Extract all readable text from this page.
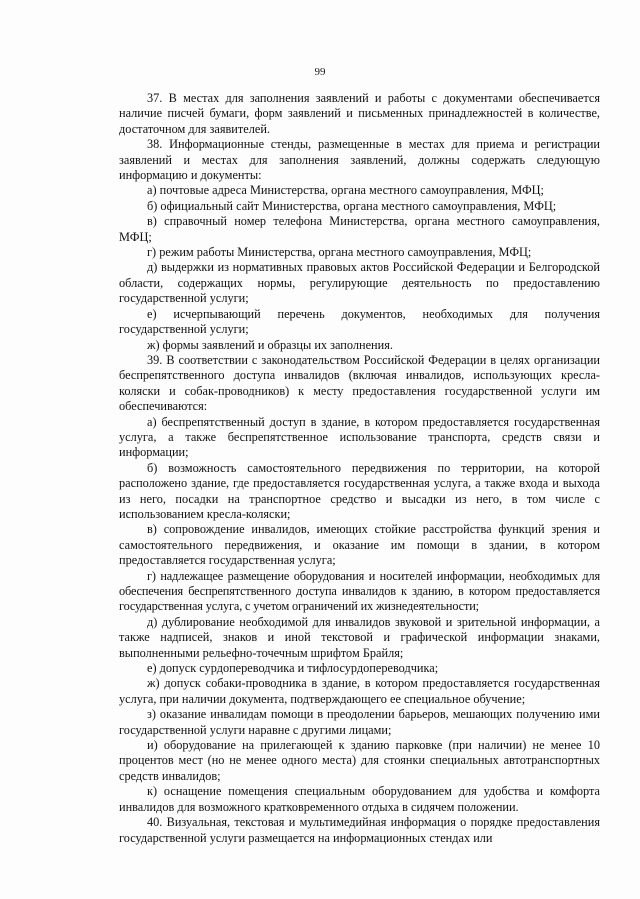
99

37. В местах для заполнения заявлений и работы с документами обеспечивается наличие писчей бумаги, форм заявлений и письменных принадлежностей в количестве, достаточном для заявителей.

38. Информационные стенды, размещенные в местах для приема и регистрации заявлений и местах для заполнения заявлений, должны содержать следующую информацию и документы:

а) почтовые адреса Министерства, органа местного самоуправления, МФЦ;

б) официальный сайт Министерства, органа местного самоуправления, МФЦ;

в) справочный номер телефона Министерства, органа местного самоуправления, МФЦ;

г) режим работы Министерства, органа местного самоуправления, МФЦ;

д) выдержки из нормативных правовых актов Российской Федерации и Белгородской области, содержащих нормы, регулирующие деятельность по предоставлению государственной услуги;

е) исчерпывающий перечень документов, необходимых для получения государственной услуги;

ж) формы заявлений и образцы их заполнения.

39. В соответствии с законодательством Российской Федерации в целях организации беспрепятственного доступа инвалидов (включая инвалидов, использующих кресла-коляски и собак-проводников) к месту предоставления государственной услуги им обеспечиваются:

а) беспрепятственный доступ в здание, в котором предоставляется государственная услуга, а также беспрепятственное использование транспорта, средств связи и информации;

б) возможность самостоятельного передвижения по территории, на которой расположено здание, где предоставляется государственная услуга, а также входа и выхода из него, посадки на транспортное средство и высадки из него, в том числе с использованием кресла-коляски;

в) сопровождение инвалидов, имеющих стойкие расстройства функций зрения и самостоятельного передвижения, и оказание им помощи в здании, в котором предоставляется государственная услуга;

г) надлежащее размещение оборудования и носителей информации, необходимых для обеспечения беспрепятственного доступа инвалидов к зданию, в котором предоставляется государственная услуга, с учетом ограничений их жизнедеятельности;

д) дублирование необходимой для инвалидов звуковой и зрительной информации, а также надписей, знаков и иной текстовой и графической информации знаками, выполненными рельефно-точечным шрифтом Брайля;

е) допуск сурдопереводчика и тифлосурдопереводчика;

ж) допуск собаки-проводника в здание, в котором предоставляется государственная услуга, при наличии документа, подтверждающего ее специальное обучение;

з) оказание инвалидам помощи в преодолении барьеров, мешающих получению ими государственной услуги наравне с другими лицами;

и) оборудование на прилегающей к зданию парковке (при наличии) не менее 10 процентов мест (но не менее одного места) для стоянки специальных автотранспортных средств инвалидов;

к) оснащение помещения специальным оборудованием для удобства и комфорта инвалидов для возможного кратковременного отдыха в сидячем положении.

40. Визуальная, текстовая и мультимедийная информация о порядке предоставления государственной услуги размещается на информационных стендах или
